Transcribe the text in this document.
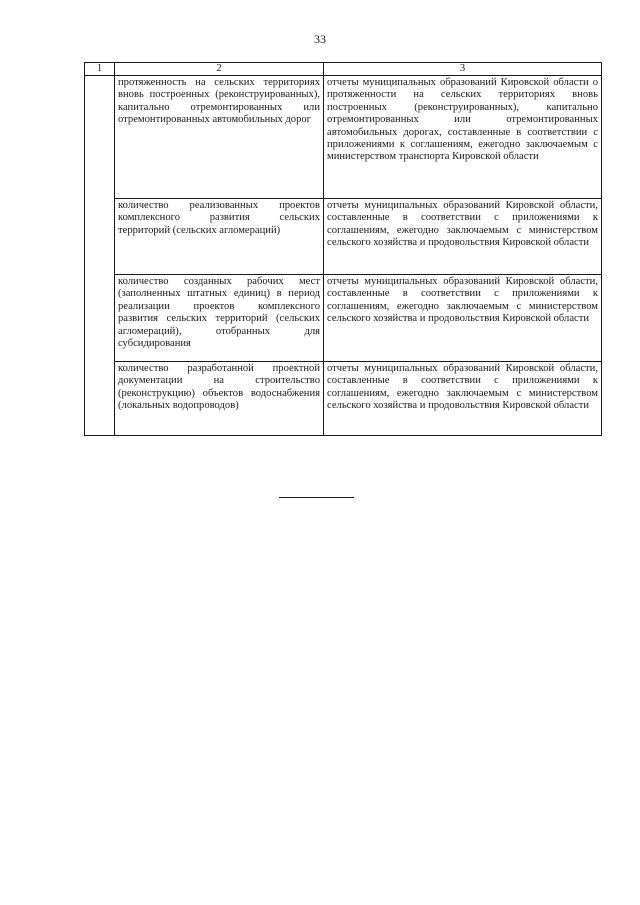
33
1	2	3
	протяженность на сельских территориях вновь построенных (реконструированных), капитально отремонтированных или отремонтированных автомобильных дорог	отчеты муниципальных образований Кировской области о протяженности на сельских территориях вновь построенных (реконструированных), капитально отремонтированных или отремонтированных автомобильных дорогах, составленные в соответствии с приложениями к соглашениям, ежегодно заключаемым с министерством транспорта Кировской области
	количество реализованных проектов комплексного развития сельских территорий (сельских агломераций)	отчеты муниципальных образований Кировской области, составленные в соответствии с приложениями к соглашениям, ежегодно заключаемым с министерством сельского хозяйства и продовольствия Кировской области
	количество созданных рабочих мест (заполненных штатных единиц) в период реализации проектов комплексного развития сельских территорий (сельских агломераций), отобранных для субсидирования	отчеты муниципальных образований Кировской области, составленные в соответствии с приложениями к соглашениям, ежегодно заключаемым с министерством сельского хозяйства и продовольствия Кировской области
	количество разработанной проектной документации на строительство (реконструкцию) объектов водоснабжения (локальных водопроводов)	отчеты муниципальных образований Кировской области, составленные в соответствии с приложениями к соглашениям, ежегодно заключаемым с министерством сельского хозяйства и продовольствия Кировской области
